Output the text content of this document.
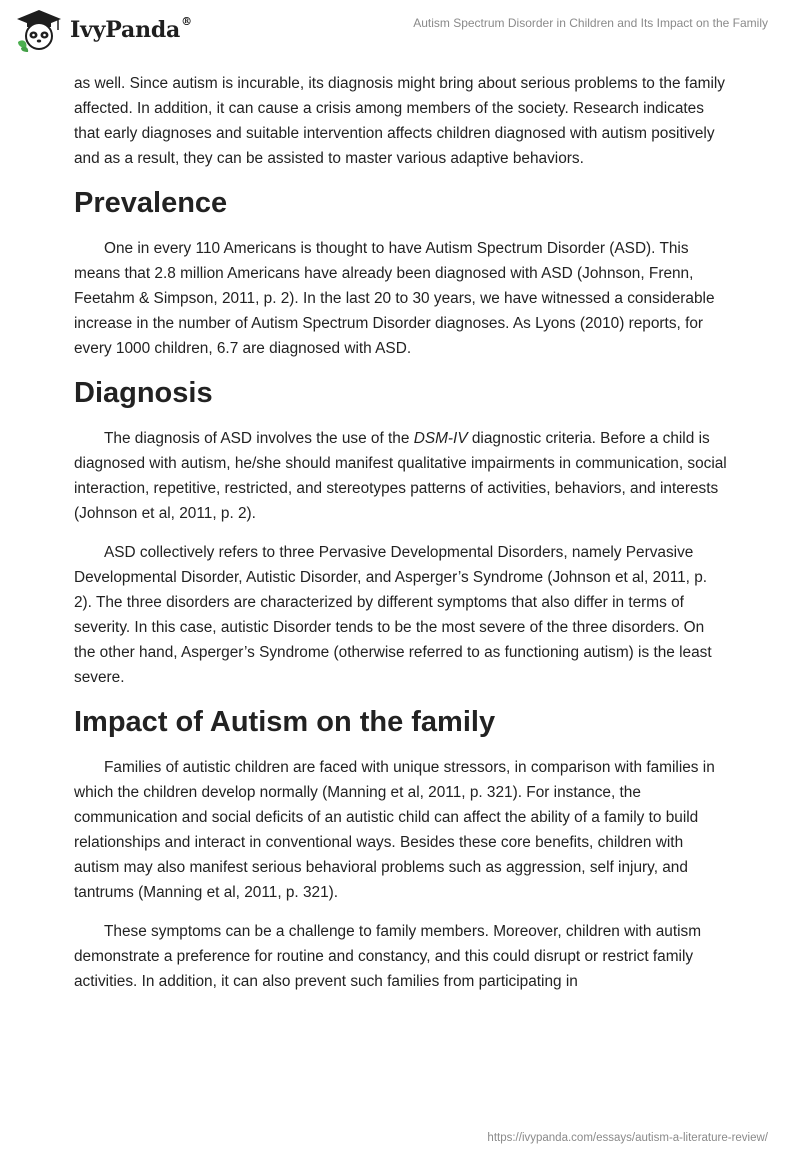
IvyPanda®	Autism Spectrum Disorder in Children and Its Impact on the Family

as well. Since autism is incurable, its diagnosis might bring about serious problems to the family affected. In addition, it can cause a crisis among members of the society. Research indicates that early diagnoses and suitable intervention affects children diagnosed with autism positively and as a result, they can be assisted to master various adaptive behaviors.

Prevalence

One in every 110 Americans is thought to have Autism Spectrum Disorder (ASD). This means that 2.8 million Americans have already been diagnosed with ASD (Johnson, Frenn, Feetahm & Simpson, 2011, p. 2). In the last 20 to 30 years, we have witnessed a considerable increase in the number of Autism Spectrum Disorder diagnoses. As Lyons (2010) reports, for every 1000 children, 6.7 are diagnosed with ASD.

Diagnosis

The diagnosis of ASD involves the use of the DSM-IV diagnostic criteria. Before a child is diagnosed with autism, he/she should manifest qualitative impairments in communication, social interaction, repetitive, restricted, and stereotypes patterns of activities, behaviors, and interests (Johnson et al, 2011, p. 2).

ASD collectively refers to three Pervasive Developmental Disorders, namely Pervasive Developmental Disorder, Autistic Disorder, and Asperger’s Syndrome (Johnson et al, 2011, p. 2). The three disorders are characterized by different symptoms that also differ in terms of severity. In this case, autistic Disorder tends to be the most severe of the three disorders. On the other hand, Asperger’s Syndrome (otherwise referred to as functioning autism) is the least severe.

Impact of Autism on the family

Families of autistic children are faced with unique stressors, in comparison with families in which the children develop normally (Manning et al, 2011, p. 321). For instance, the communication and social deficits of an autistic child can affect the ability of a family to build relationships and interact in conventional ways. Besides these core benefits, children with autism may also manifest serious behavioral problems such as aggression, self injury, and tantrums (Manning et al, 2011, p. 321).

These symptoms can be a challenge to family members. Moreover, children with autism demonstrate a preference for routine and constancy, and this could disrupt or restrict family activities. In addition, it can also prevent such families from participating in

https://ivypanda.com/essays/autism-a-literature-review/
